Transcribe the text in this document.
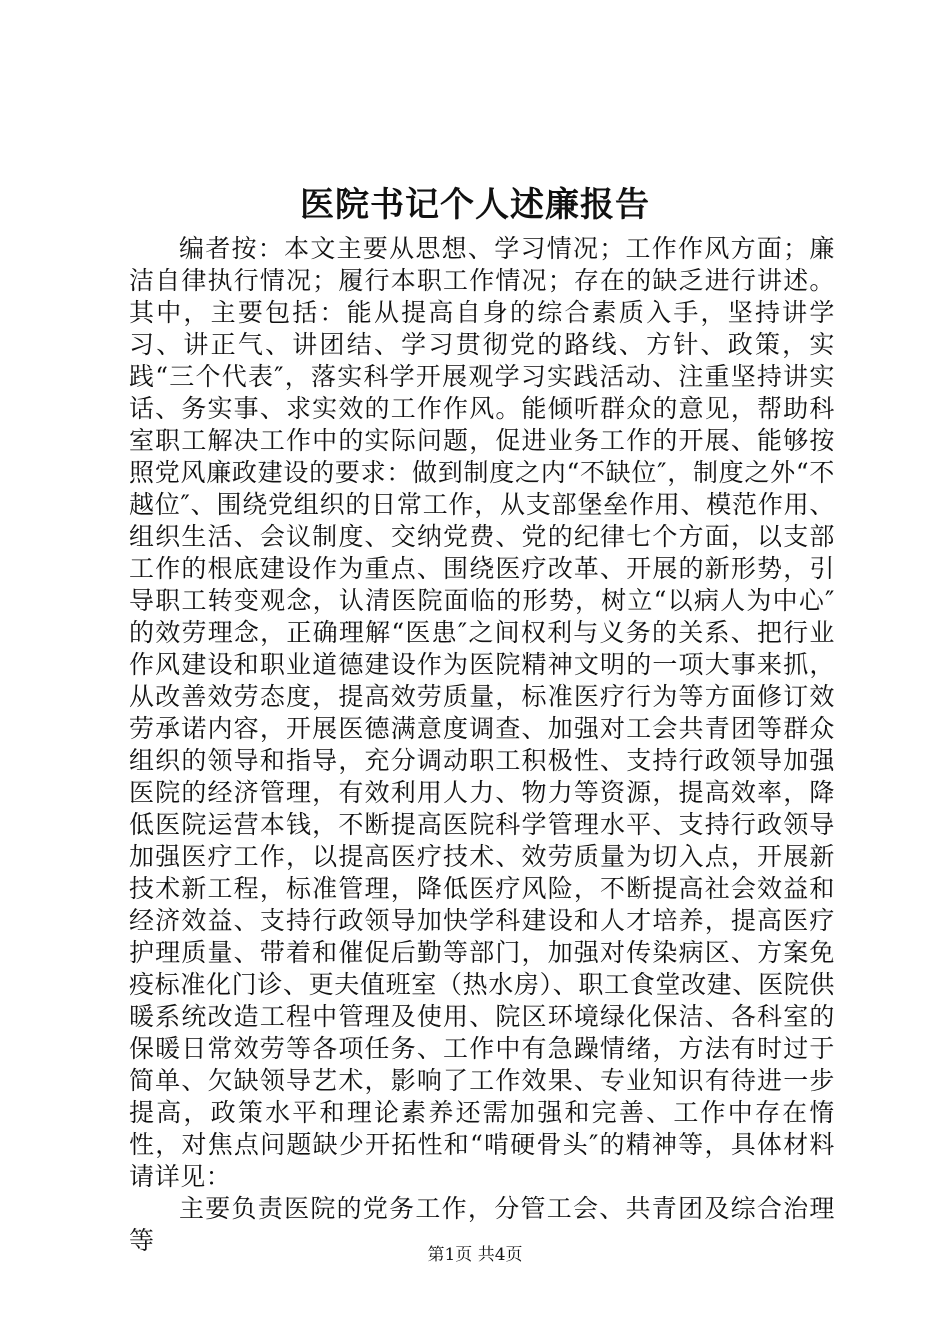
医院书记个人述廉报告

编者按：本文主要从思想、学习情况；工作作风方面；廉洁自律执行情况；履行本职工作情况；存在的缺乏进行讲述。其中，主要包括：能从提高自身的综合素质入手，坚持讲学习、讲正气、讲团结、学习贯彻党的路线、方针、政策，实践“三个代表″，落实科学开展观学习实践活动、注重坚持讲实话、务实事、求实效的工作作风。能倾听群众的意见，帮助科室职工解决工作中的实际问题，促进业务工作的开展、能够按照党风廉政建设的要求：做到制度之内“不缺位″，制度之外“不越位″、围绕党组织的日常工作，从支部堡垒作用、模范作用、组织生活、会议制度、交纳党费、党的纪律七个方面，以支部工作的根底建设作为重点、围绕医疗改革、开展的新形势，引导职工转变观念，认清医院面临的形势，树立“以病人为中心″的效劳理念，正确理解“医患″之间权利与义务的关系、把行业作风建设和职业道德建设作为医院精神文明的一项大事来抓，从改善效劳态度，提高效劳质量，标准医疗行为等方面修订效劳承诺内容，开展医德满意度调查、加强对工会共青团等群众组织的领导和指导，充分调动职工积极性、支持行政领导加强医院的经济管理，有效利用人力、物力等资源，提高效率，降低医院运营本钱，不断提高医院科学管理水平、支持行政领导加强医疗工作，以提高医疗技术、效劳质量为切入点，开展新技术新工程，标准管理，降低医疗风险，不断提高社会效益和经济效益、支持行政领导加快学科建设和人才培养，提高医疗护理质量、带着和催促后勤等部门，加强对传染病区、方案免疫标准化门诊、更夫值班室（热水房）、职工食堂改建、医院供暖系统改造工程中管理及使用、院区环境绿化保洁、各科室的保暖日常效劳等各项任务、工作中有急躁情绪，方法有时过于简单、欠缺领导艺术，影响了工作效果、专业知识有待进一步提高，政策水平和理论素养还需加强和完善、工作中存在惰性，对焦点问题缺少开拓性和“啃硬骨头″的精神等，具体材料请详见：

主要负责医院的党务工作，分管工会、共青团及综合治理等	第1页 共4页
